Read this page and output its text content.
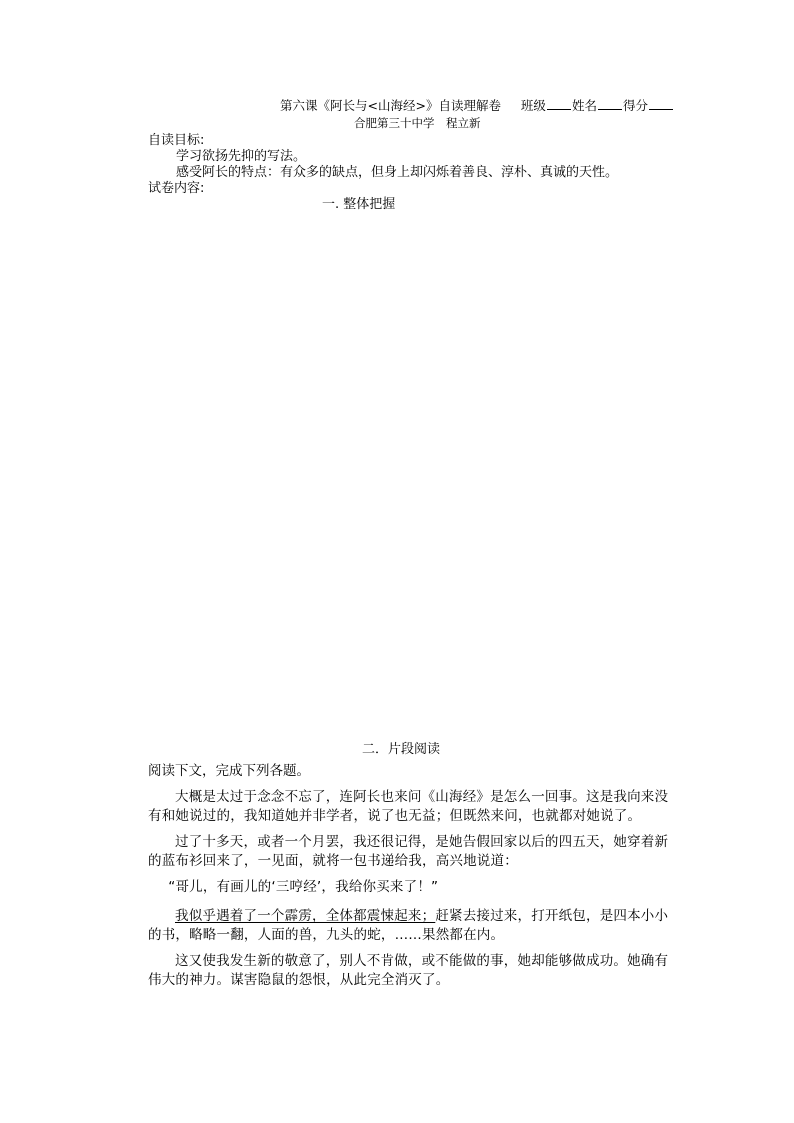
第六课《阿长与<山海经>》自读理解卷 班级 姓名 得分
合肥第三十中学　程立新
自读目标:
学习欲扬先抑的写法。
感受阿长的特点：有众多的缺点，但身上却闪烁着善良、淳朴、真诚的天性。
试卷内容:
一. 整体把握
二．片段阅读
阅读下文，完成下列各题。
大概是太过于念念不忘了，连阿长也来问《山海经》是怎么一回事。这是我向来没有和她说过的，我知道她并非学者，说了也无益；但既然来问，也就都对她说了。
过了十多天，或者一个月罢，我还很记得，是她告假回家以后的四五天，她穿着新的蓝布衫回来了，一见面，就将一包书递给我，高兴地说道：
“哥儿，有画儿的‘三哼经’，我给你买来了！”
我似乎遇着了一个霹雳，全体都震悚起来；赶紧去接过来，打开纸包，是四本小小的书，略略一翻，人面的兽，九头的蛇，……果然都在内。
这又使我发生新的敬意了，别人不肯做，或不能做的事，她却能够做成功。她确有伟大的神力。谋害隐鼠的怨恨，从此完全消灭了。
